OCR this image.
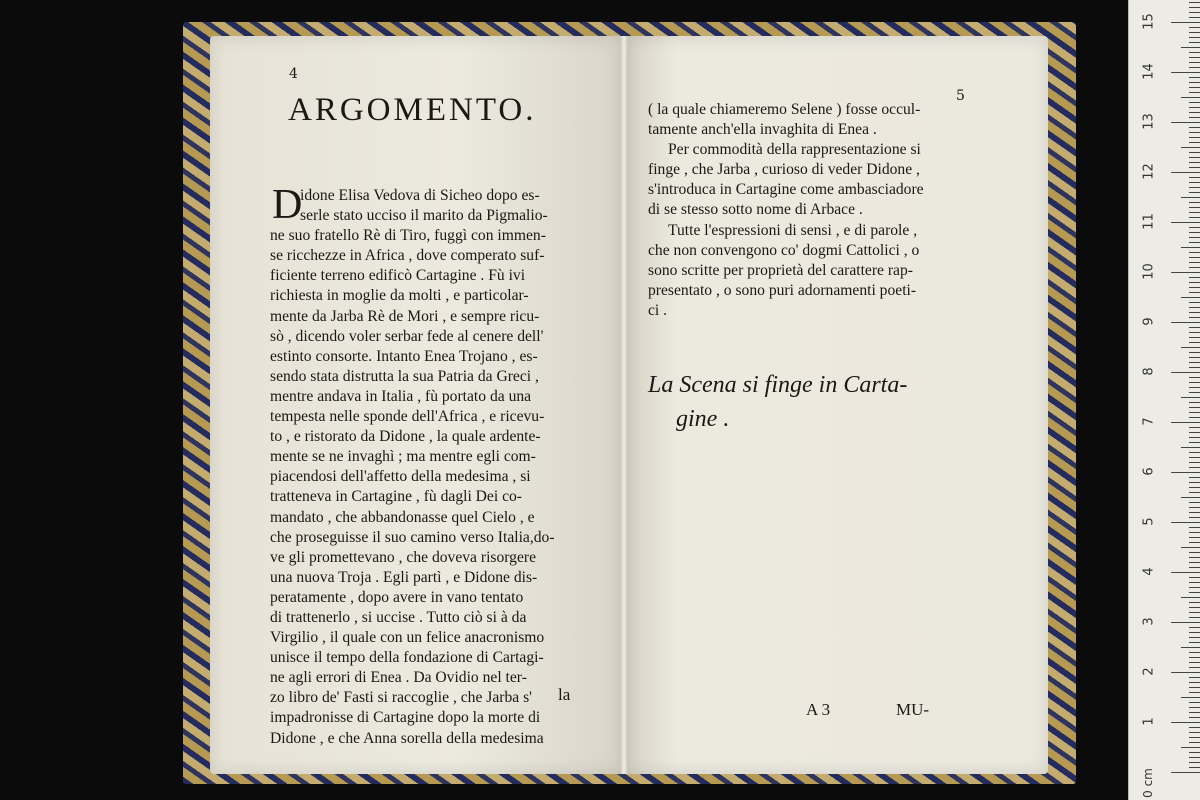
4
ARGOMENTO.
D
idone Elisa Vedova di Sicheo dopo es-
serle stato ucciso il marito da Pigmalio-
ne suo fratello Rè di Tiro, fuggì con immen-
se ricchezze in Africa , dove comperato suf-
ficiente terreno edificò Cartagine . Fù ivi
richiesta in moglie da molti , e particolar-
mente da Jarba Rè de Mori , e sempre ricu-
sò , dicendo voler serbar fede al cenere dell'
estinto consorte. Intanto Enea Trojano , es-
sendo stata distrutta la sua Patria da Greci ,
mentre andava in Italia , fù portato da una
tempesta nelle sponde dell'Africa , e ricevu-
to , e ristorato da Didone , la quale ardente-
mente se ne invaghì ; ma mentre egli com-
piacendosi dell'affetto della medesima , si
tratteneva in Cartagine , fù dagli Dei co-
mandato , che abbandonasse quel Cielo , e
che proseguisse il suo camino verso Italia,do-
ve gli promettevano , che doveva risorgere
una nuova Troja . Egli partì , e Didone dis-
peratamente , dopo avere in vano tentato
di trattenerlo , si uccise . Tutto ciò si à da
Virgilio , il quale con un felice anacronismo
unisce il tempo della fondazione di Cartagi-
ne agli errori di Enea . Da Ovidio nel ter-
zo libro de' Fasti si raccoglie , che Jarba s'
impadronisse di Cartagine dopo la morte di
Didone , e che Anna sorella della medesima
la
5
( la quale chiameremo Selene ) fosse occul-
tamente anch'ella invaghita di Enea .
Per commodità della rappresentazione si
finge , che Jarba , curioso di veder Didone ,
s'introduca in Cartagine come ambasciadore
di se stesso sotto nome di Arbace .
Tutte l'espressioni di sensi , e di parole ,
che non convengono co' dogmi Cattolici , o
sono scritte per proprietà del carattere rap-
presentato , o sono puri adornamenti poeti-
ci .
La Scena si finge in Carta-
gine .
A 3	MU-
0 cm
1
2
3
4
5
6
7
8
9
10
11
12
13
14
15
